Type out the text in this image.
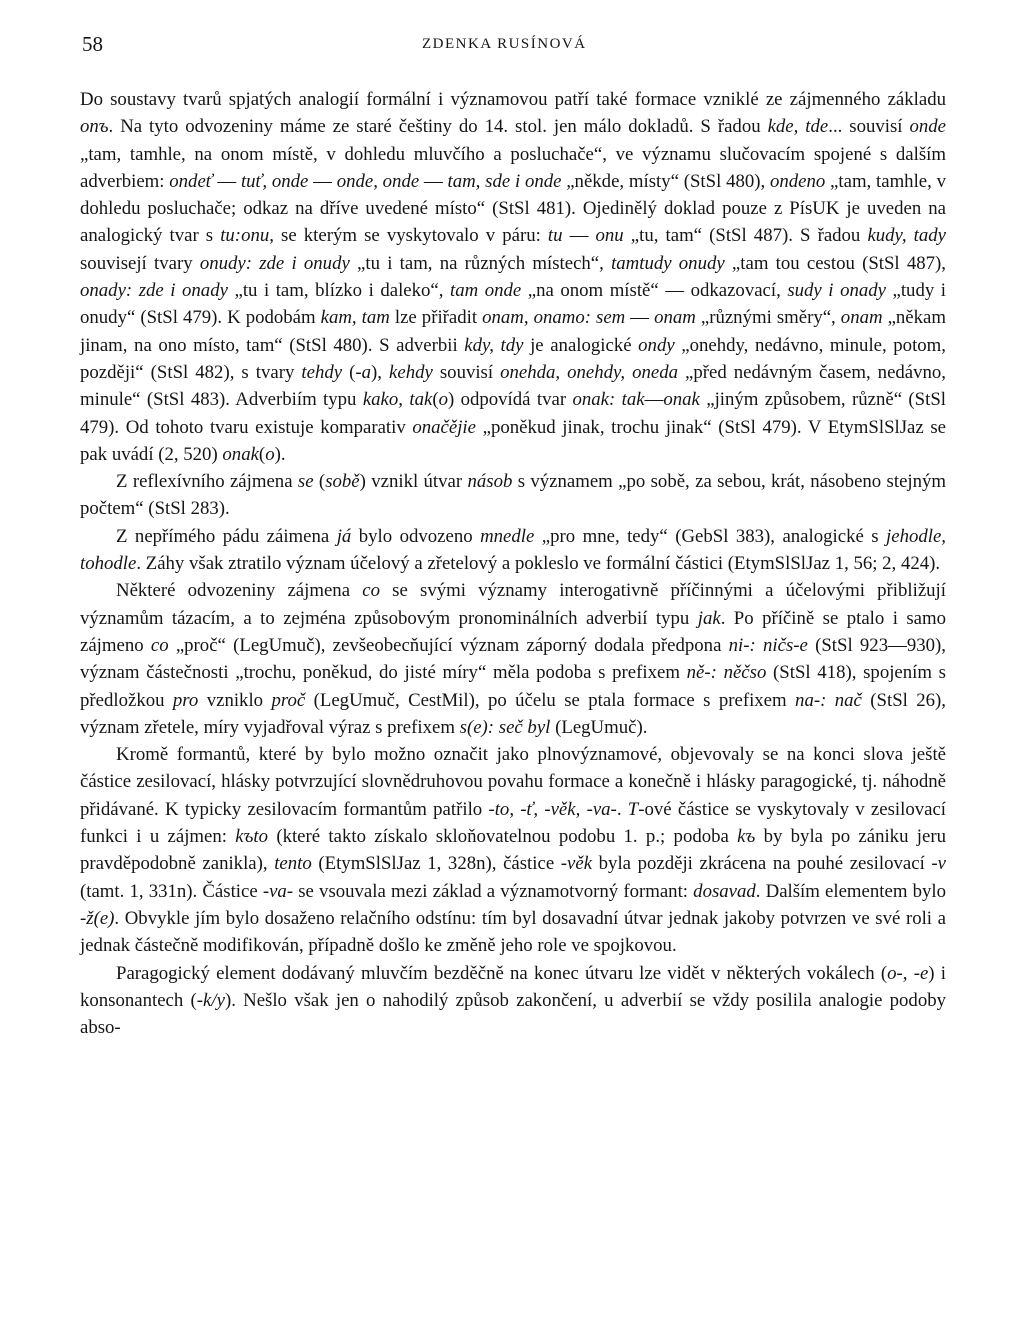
58	ZDENKA RUSÍNOVÁ

Do soustavy tvarů spjatých analogií formální i významovou patří také formace vzniklé ze zájmenného základu onъ. Na tyto odvozeniny máme ze staré češtiny do 14. stol. jen málo dokladů. S řadou kde, tde... souvisí onde „tam, tamhle, na onom místě, v dohledu mluvčího a posluchače“, ve významu slučovacím spojené s dalším adverbiem: ondeť — tuť, onde — onde, onde — tam, sde i onde „někde, místy“ (StSl 480), ondeno „tam, tamhle, v dohledu posluchače; odkaz na dříve uvedené místo“ (StSl 481). Ojedinělý doklad pouze z PísUK je uveden na analogický tvar s tu:onu, se kterým se vyskytovalo v páru: tu — onu „tu, tam“ (StSl 487). S řadou kudy, tady souvisejí tvary onudy: zde i onudy „tu i tam, na různých místech“, tamtudy onudy „tam tou cestou (StSl 487), onady: zde i onady „tu i tam, blízko i daleko“, tam onde „na onom místě“ — odkazovací, sudy i onady „tudy i onudy“ (StSl 479). K podobám kam, tam lze přiřadit onam, onamo: sem — onam „různými směry“, onam „někam jinam, na ono místo, tam“ (StSl 480). S adverbii kdy, tdy je analogické ondy „onehdy, nedávno, minule, potom, později“ (StSl 482), s tvary tehdy (-a), kehdy souvisí onehda, onehdy, oneda „před nedávným časem, nedávno, minule“ (StSl 483). Adverbiím typu kako, tak(o) odpovídá tvar onak: tak—onak „jiným způsobem, různě“ (StSl 479). Od tohoto tvaru existuje komparativ onačějie „poněkud jinak, trochu jinak“ (StSl 479). V EtymSlSlJaz se pak uvádí (2, 520) onak(o).

Z reflexívního zájmena se (sobě) vznikl útvar násob s významem „po sobě, za sebou, krát, násobeno stejným počtem“ (StSl 283).

Z nepřímého pádu záimena já bylo odvozeno mnedle „pro mne, tedy“ (GebSl 383), analogické s jehodle, tohodle. Záhy však ztratilo význam účelový a zřetelový a pokleslo ve formální částici (EtymSlSlJaz 1, 56; 2, 424).

Některé odvozeniny zájmena co se svými významy interogativně příčinnými a účelovými přibližují významům tázacím, a to zejména způsobovým pronominálních adverbií typu jak. Po příčině se ptalo i samo zájmeno co „proč“ (LegUmuč), zevšeobecňující význam záporný dodala předpona ni-: ničs-e (StSl 923—930), význam částečnosti „trochu, poněkud, do jisté míry“ měla podoba s prefixem ně-: něčso (StSl 418), spojením s předložkou pro vzniklo proč (LegUmuč, CestMil), po účelu se ptala formace s prefixem na-: nač (StSl 26), význam zřetele, míry vyjadřoval výraz s prefixem s(e): seč byl (LegUmuč).

Kromě formantů, které by bylo možno označit jako plnovýznamové, objevovaly se na konci slova ještě částice zesilovací, hlásky potvrzující slovnědruhovou povahu formace a konečně i hlásky paragogické, tj. náhodně přidávané. K typicky zesilovacím formantům patřilo -to, -ť, -věk, -va-. T-ové částice se vyskytovaly v zesilovací funkci i u zájmen: kъto (které takto získalo skloňovatelnou podobu 1. p.; podoba kъ by byla po zániku jeru pravděpodobně zanikla), tento (EtymSlSlJaz 1, 328n), částice -věk byla později zkrácena na pouhé zesilovací -v (tamt. 1, 331n). Částice -va- se vsouvala mezi základ a významotvorný formant: dosavad. Dalším elementem bylo -ž(e). Obvykle jím bylo dosaženo relačního odstínu: tím byl dosavadní útvar jednak jakoby potvrzen ve své roli a jednak částečně modifikován, případně došlo ke změně jeho role ve spojkovou.

Paragogický element dodávaný mluvčím bezděčně na konec útvaru lze vidět v některých vokálech (o-, -e) i konsonantech (-k/y). Nešlo však jen o nahodilý způsob zakončení, u adverbií se vždy posilila analogie podoby abso-
